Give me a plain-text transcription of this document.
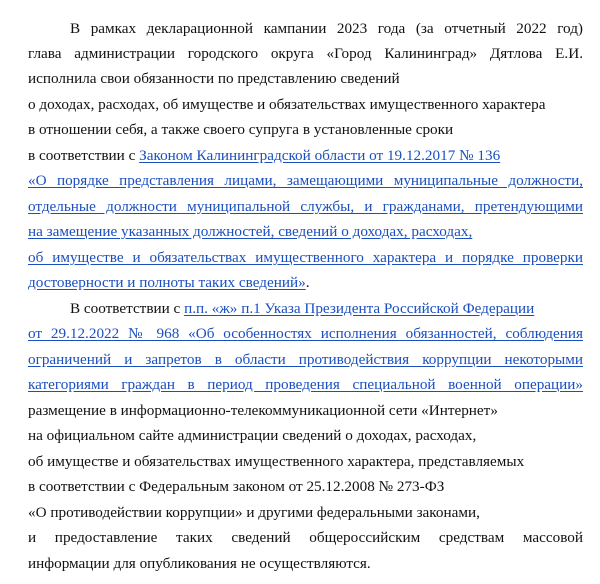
В рамках декларационной кампании 2023 года (за отчетный 2022 год)
глава администрации городского округа «Город Калининград» Дятлова Е.И.
исполнила свои обязанности по представлению сведений
о доходах, расходах, об имуществе и обязательствах имущественного характера
в отношении себя, а также своего супруга в установленные сроки
в соответствии с Законом Калининградской области от 19.12.2017 № 136
«О порядке представления лицами, замещающими муниципальные должности,
отдельные должности муниципальной службы, и гражданами, претендующими
на замещение указанных должностей, сведений о доходах, расходах,
об имуществе и обязательствах имущественного характера и порядке проверки
достоверности и полноты таких сведений».
В соответствии с п.п. «ж» п.1 Указа Президента Российской Федерации
от 29.12.2022 № 968 «Об особенностях исполнения обязанностей, соблюдения
ограничений и запретов в области противодействия коррупции некоторыми
категориями граждан в период проведения специальной военной операции»
размещение в информационно-телекоммуникационной сети «Интернет»
на официальном сайте администрации сведений о доходах, расходах,
об имуществе и обязательствах имущественного характера, представляемых
в соответствии с Федеральным законом от 25.12.2008 № 273-ФЗ
«О противодействии коррупции» и другими федеральными законами,
и предоставление таких сведений общероссийским средствам массовой
информации для опубликования не осуществляются.
